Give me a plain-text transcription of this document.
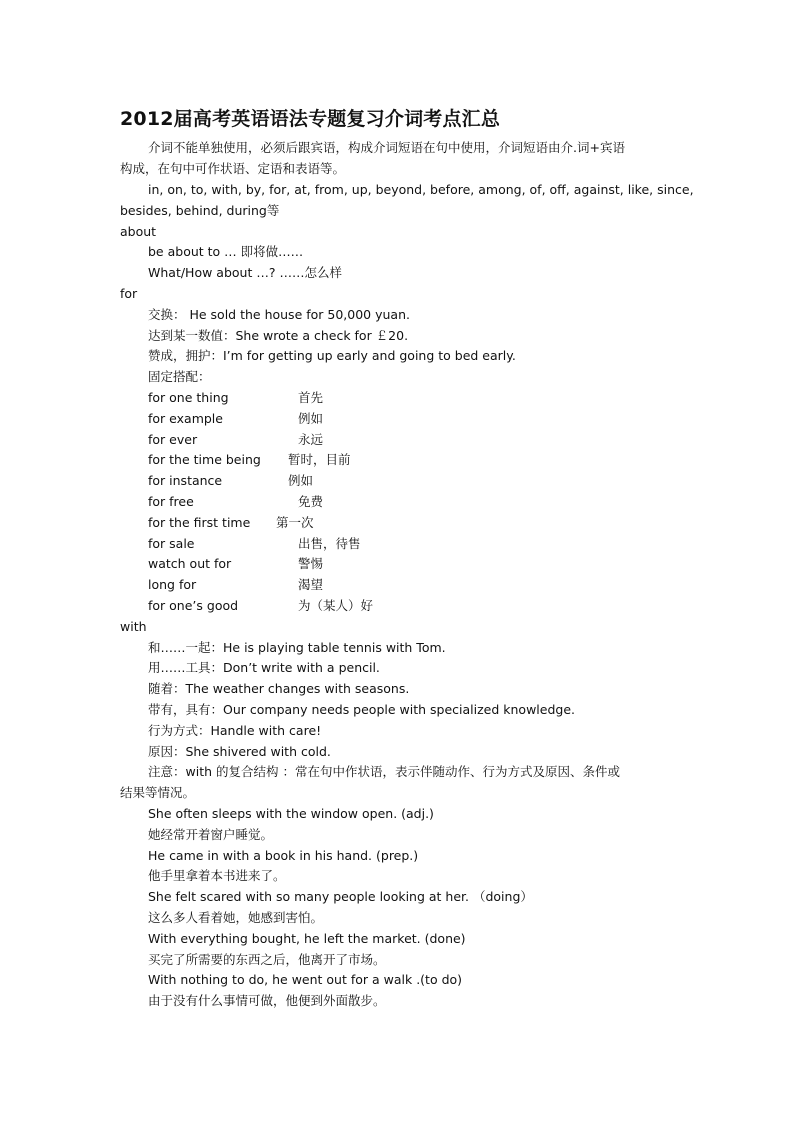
2012届高考英语语法专题复习介词考点汇总
介词不能单独使用，必须后跟宾语，构成介词短语在句中使用，介词短语由介.词+宾语
构成，在句中可作状语、定语和表语等。
in, on, to, with, by, for, at, from, up, beyond, before, among, of, off, against, like, since,
besides, behind, during等
about
be about to … 即将做……
What/How about …? ……怎么样
for
交换： He sold the house for 50,000 yuan.
达到某一数值：She wrote a check for ￡20.
赞成，拥护：I’m for getting up early and going to bed early.
固定搭配：
for one thing	首先
for example	例如
for ever	永远
for the time being 暂时，目前
for instance	例如
for free	免费
for the first time 第一次
for sale	出售，待售
watch out for	警惕
long for	渴望
for one’s good	为（某人）好
with
和……一起：He is playing table tennis with Tom.
用……工具：Don’t write with a pencil.
随着：The weather changes with seasons.
带有，具有：Our company needs people with specialized knowledge.
行为方式：Handle with care!
原因：She shivered with cold.
注意：with 的复合结构 ：常在句中作状语，表示伴随动作、行为方式及原因、条件或
结果等情况。
She often sleeps with the window open. (adj.)
她经常开着窗户睡觉。
He came in with a book in his hand. (prep.)
他手里拿着本书进来了。
She felt scared with so many people looking at her. （doing）
这么多人看着她，她感到害怕。
With everything bought, he left the market. (done)
买完了所需要的东西之后，他离开了市场。
With nothing to do, he went out for a walk .(to do)
由于没有什么事情可做，他便到外面散步。
